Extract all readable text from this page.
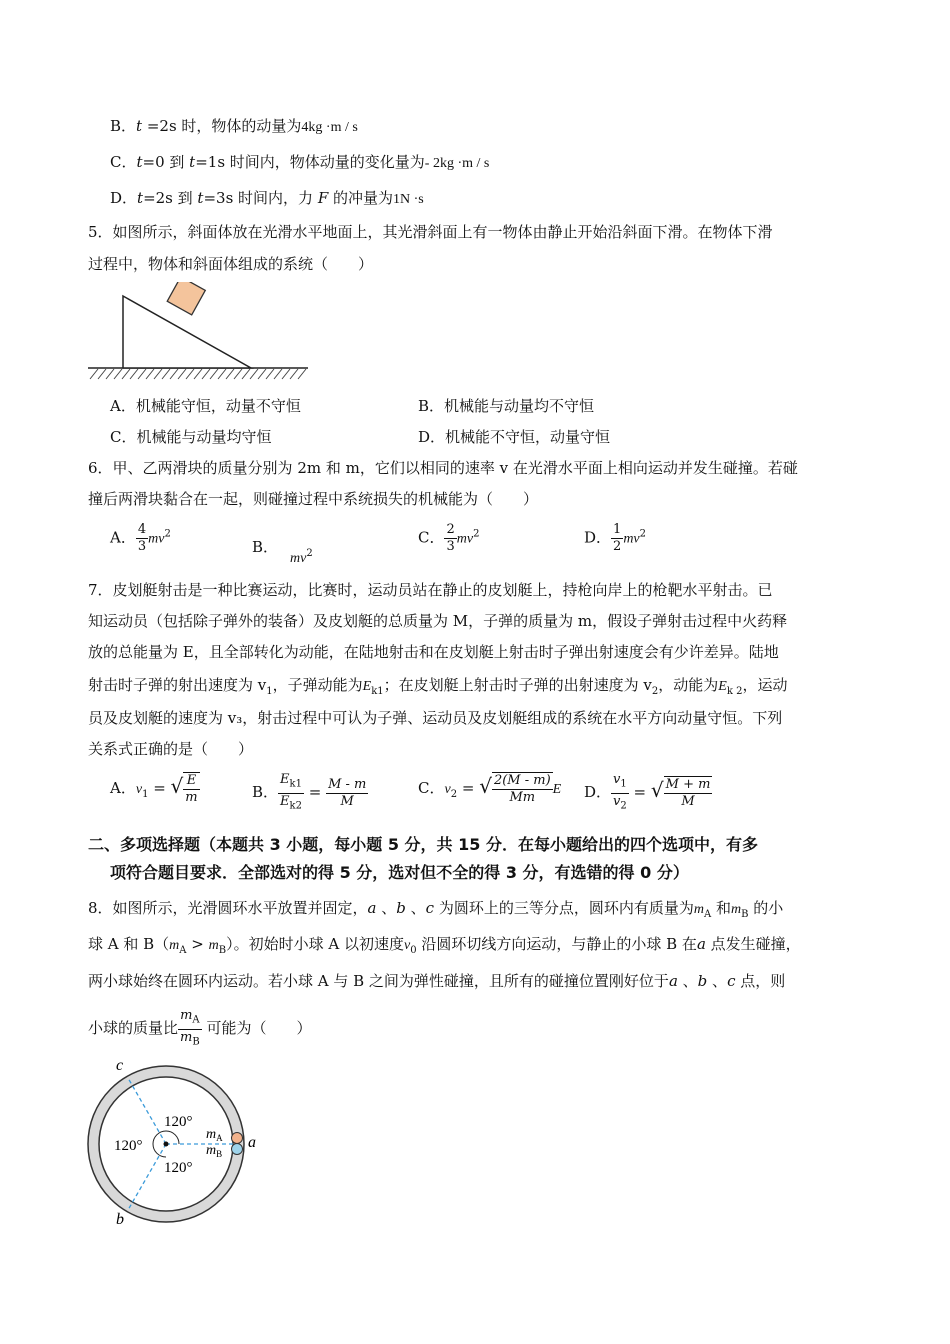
B．t =2s 时，物体的动量为4kg ·m / s
C．t=0 到 t=1s 时间内，物体动量的变化量为- 2kg ·m / s
D．t=2s 到 t=3s 时间内，力 F 的冲量为1N ·s
5．如图所示，斜面体放在光滑水平地面上，其光滑斜面上有一物体由静止开始沿斜面下滑。在物体下滑
过程中，物体和斜面体组成的系统（　　）
A．机械能守恒，动量不守恒	B．机械能与动量均不守恒
C．机械能与动量均守恒	D．机械能不守恒，动量守恒
6．甲、乙两滑块的质量分别为 2m 和 m，它们以相同的速率 v 在光滑水平面上相向运动并发生碰撞。若碰
撞后两滑块黏合在一起，则碰撞过程中系统损失的机械能为（　　）
A． $\frac{4}{3} mv^2$
B．$mv^2$
C． $\frac{2}{3} mv^2$	D． $\frac{1}{2} mv^2$
7．皮划艇射击是一种比赛运动，比赛时，运动员站在静止的皮划艇上，持枪向岸上的枪靶水平射击。已
知运动员（包括除子弹外的装备）及皮划艇的总质量为 M，子弹的质量为 m，假设子弹射击过程中火药释
放的总能量为 E，且全部转化为动能，在陆地射击和在皮划艇上射击时子弹出射速度会有少许差异。陆地
射击时子弹的射出速度为 $v_1$，子弹动能为$E_{k1}$；在皮划艇上射击时子弹的出射速度为 $v_2$，动能为$E_{k 2}$，运动
员及皮划艇的速度为 v₃，射击过程中可认为子弹、运动员及皮划艇组成的系统在水平方向动量守恒。下列
关系式正确的是（　　）
A．$v_1$ = √ $\frac{E}{m}$	B． $\frac{E_{k1}}{E_{k2}} = \frac{M - m}{M}$	C．$v_2$ = √ $\frac{2(M - m)}{Mm}$ E D． $\frac{v_1}{v_2}$ = √ $\frac{M + m}{M}$
二、多项选择题（本题共 3 小题，每小题 5 分，共 15 分．在每小题给出的四个选项中，有多
项符合题目要求．全部选对的得 5 分，选对但不全的得 3 分，有选错的得 0 分）
8．如图所示，光滑圆环水平放置并固定，a 、b 、c 为圆环上的三等分点，圆环内有质量为$m_A$ 和$m_B$ 的小
球 A 和 $B(m_A > m_B)$。初始时小球 A 以初速度$v_0$ 沿圆环切线方向运动，与静止的小球 B 在a 点发生碰撞，
两小球始终在圆环内运动。若小球 A 与 B 之间为弹性碰撞，且所有的碰撞位置刚好位于a 、b 、c 点，则
小球的质量比 $\frac{m_A}{m_B}$ 可能为（　　）
120°
120°
120°
$m_A$
$m_B$
a
c
b
